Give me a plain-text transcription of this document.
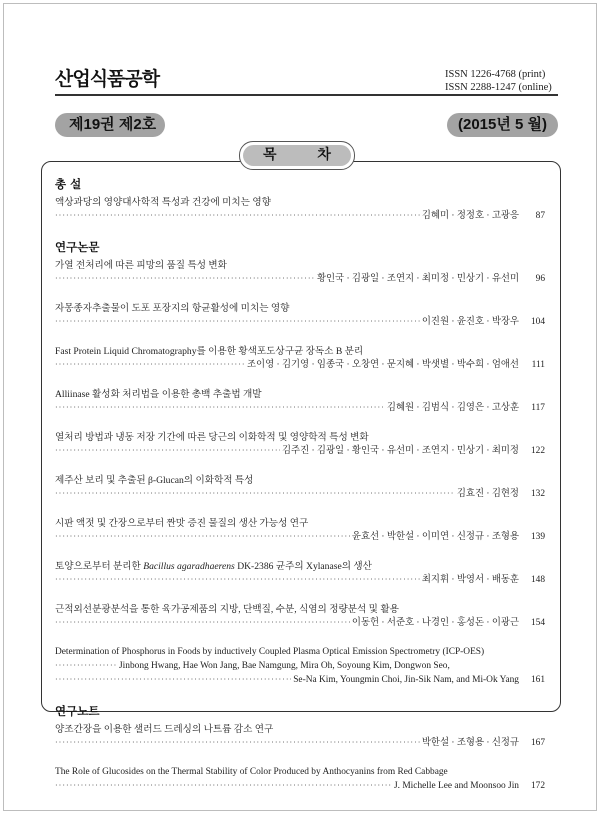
산업식품공학	ISSN 1226-4768 (print)
ISSN 2288-1247 (online)
제19권 제2호	(2015년 5 월)
목 차
총 설
액상과당의 영양대사학적 특성과 건강에 미치는 영향
·····
김혜미 · 정정호 · 고광응	87
연구논문
가열 전처리에 따른 피망의 품질 특성 변화
·····
황인국 · 김광일 · 조연지 · 최미정 · 민상기 · 유선미	96
자몽종자추출물이 도포 포장지의 항균활성에 미치는 영향
·····
이진원 · 윤진호 · 박장우	104
Fast Protein Liquid Chromatography를 이용한 황색포도상구균 장독소 B 분리
·····
조이영 · 김기영 · 임종국 · 오창연 · 문지혜 · 박샛별 · 박수희 · 엄애선	111
Alliinase 활성화 처리법을 이용한 총백 추출법 개발
·····
김혜원 · 김범식 · 김영은 · 고상훈	117
열처리 방법과 냉동 저장 기간에 따른 당근의 이화학적 및 영양학적 특성 변화
·····
김주진 · 김광일 · 황인국 · 유선미 · 조연지 · 민상기 · 최미정	122
제주산 보리 및 추출된 β-Glucan의 이화학적 특성
·····
김효진 · 김현정	132
시판 액젓 및 간장으로부터 짠맛 증진 물질의 생산 가능성 연구
·····
윤효선 · 박한설 · 이미연 · 신정규 · 조형용	139
토양으로부터 분리한 Bacillus agaradhaerens DK-2386 균주의 Xylanase의 생산
·····
최지휘 · 박영서 · 배동훈	148
근적외선분광분석을 통한 육가공제품의 지방, 단백질, 수분, 식염의 정량분석 및 활용
·····
이동헌 · 서준호 · 나경인 · 홍성돈 · 이광근	154
Determination of Phosphorus in Foods by inductively Coupled Plasma Optical Emission Spectrometry (ICP-OES)
·····
Jinbong Hwang, Hae Won Jang, Bae Namgung, Mira Oh, Soyoung Kim, Dongwon Seo,
·····
Se-Na Kim, Youngmin Choi, Jin-Sik Nam, and Mi-Ok Yang	161
연구노트
양조간장을 이용한 샐러드 드레싱의 나트륨 감소 연구
·····
박한설 · 조형용 · 신정규	167
The Role of Glucosides on the Thermal Stability of Color Produced by Anthocyanins from Red Cabbage
·····
J. Michelle Lee and Moonsoo Jin	172
